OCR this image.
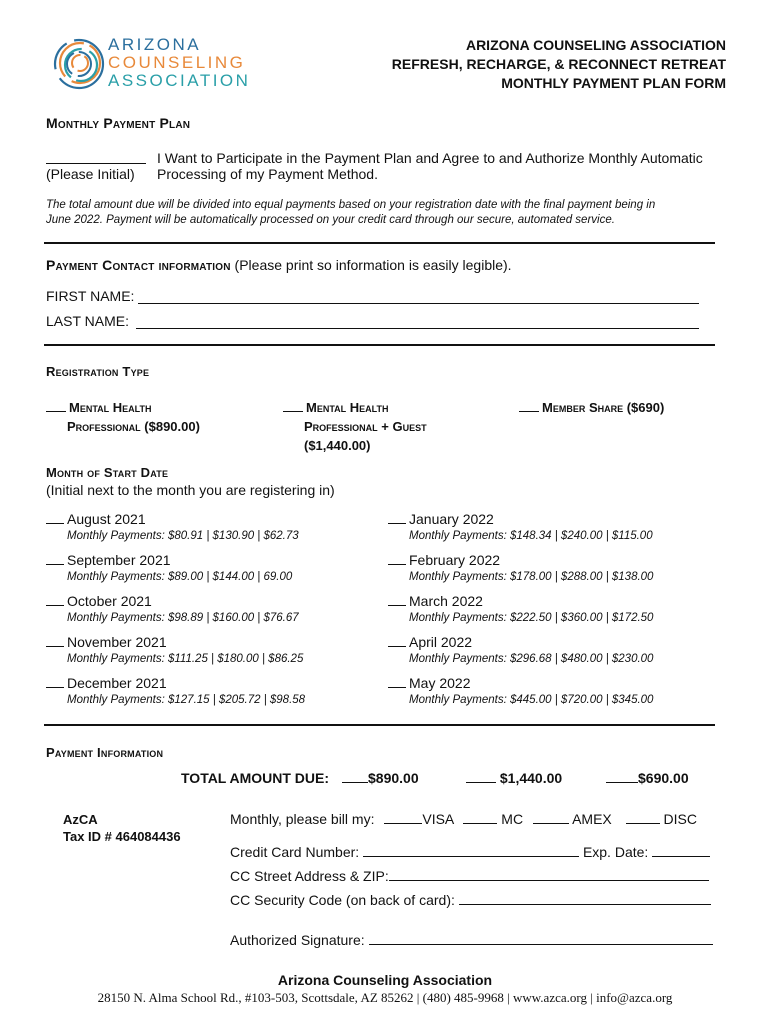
ARIZONA
COUNSELING
ASSOCIATION
ARIZONA COUNSELING ASSOCIATION
REFRESH, RECHARGE, & RECONNECT RETREAT
MONTHLY PAYMENT PLAN FORM
Monthly Payment Plan
(Please Initial)
I Want to Participate in the Payment Plan and Agree to and Authorize Monthly Automatic
Processing of my Payment Method.
The total amount due will be divided into equal payments based on your registration date with the final payment being in
June 2022. Payment will be automatically processed on your credit card through our secure, automated service.
Payment Contact information (Please print so information is easily legible).
FIRST NAME:
LAST NAME:
Registration Type
Mental Health
Professional ($890.00)
Mental Health
Professional + Guest
($1,440.00)
Member Share ($690)
Month of Start Date
(Initial next to the month you are registering in)
August 2021
Monthly Payments: $80.91 | $130.90 | $62.73
September 2021
Monthly Payments: $89.00 | $144.00 | 69.00
October 2021
Monthly Payments: $98.89 | $160.00 | $76.67
November 2021
Monthly Payments: $111.25 | $180.00 | $86.25
December 2021
Monthly Payments: $127.15 | $205.72 | $98.58
January 2022
Monthly Payments: $148.34 | $240.00 | $115.00
February 2022
Monthly Payments: $178.00 | $288.00 | $138.00
March 2022
Monthly Payments: $222.50 | $360.00 | $172.50
April 2022
Monthly Payments: $296.68 | $480.00 | $230.00
May 2022
Monthly Payments: $445.00 | $720.00 | $345.00
Payment Information
TOTAL AMOUNT DUE:	$890.00	$1,440.00	$690.00
AzCA
Tax ID # 464084436
Monthly, please bill my:	VISA	MC	AMEX	DISC
Credit Card Number:	Exp. Date:
CC Street Address & ZIP:
CC Security Code (on back of card):
Authorized Signature:
Arizona Counseling Association
28150 N. Alma School Rd., #103-503, Scottsdale, AZ 85262 | (480) 485-9968 | www.azca.org | info@azca.org
